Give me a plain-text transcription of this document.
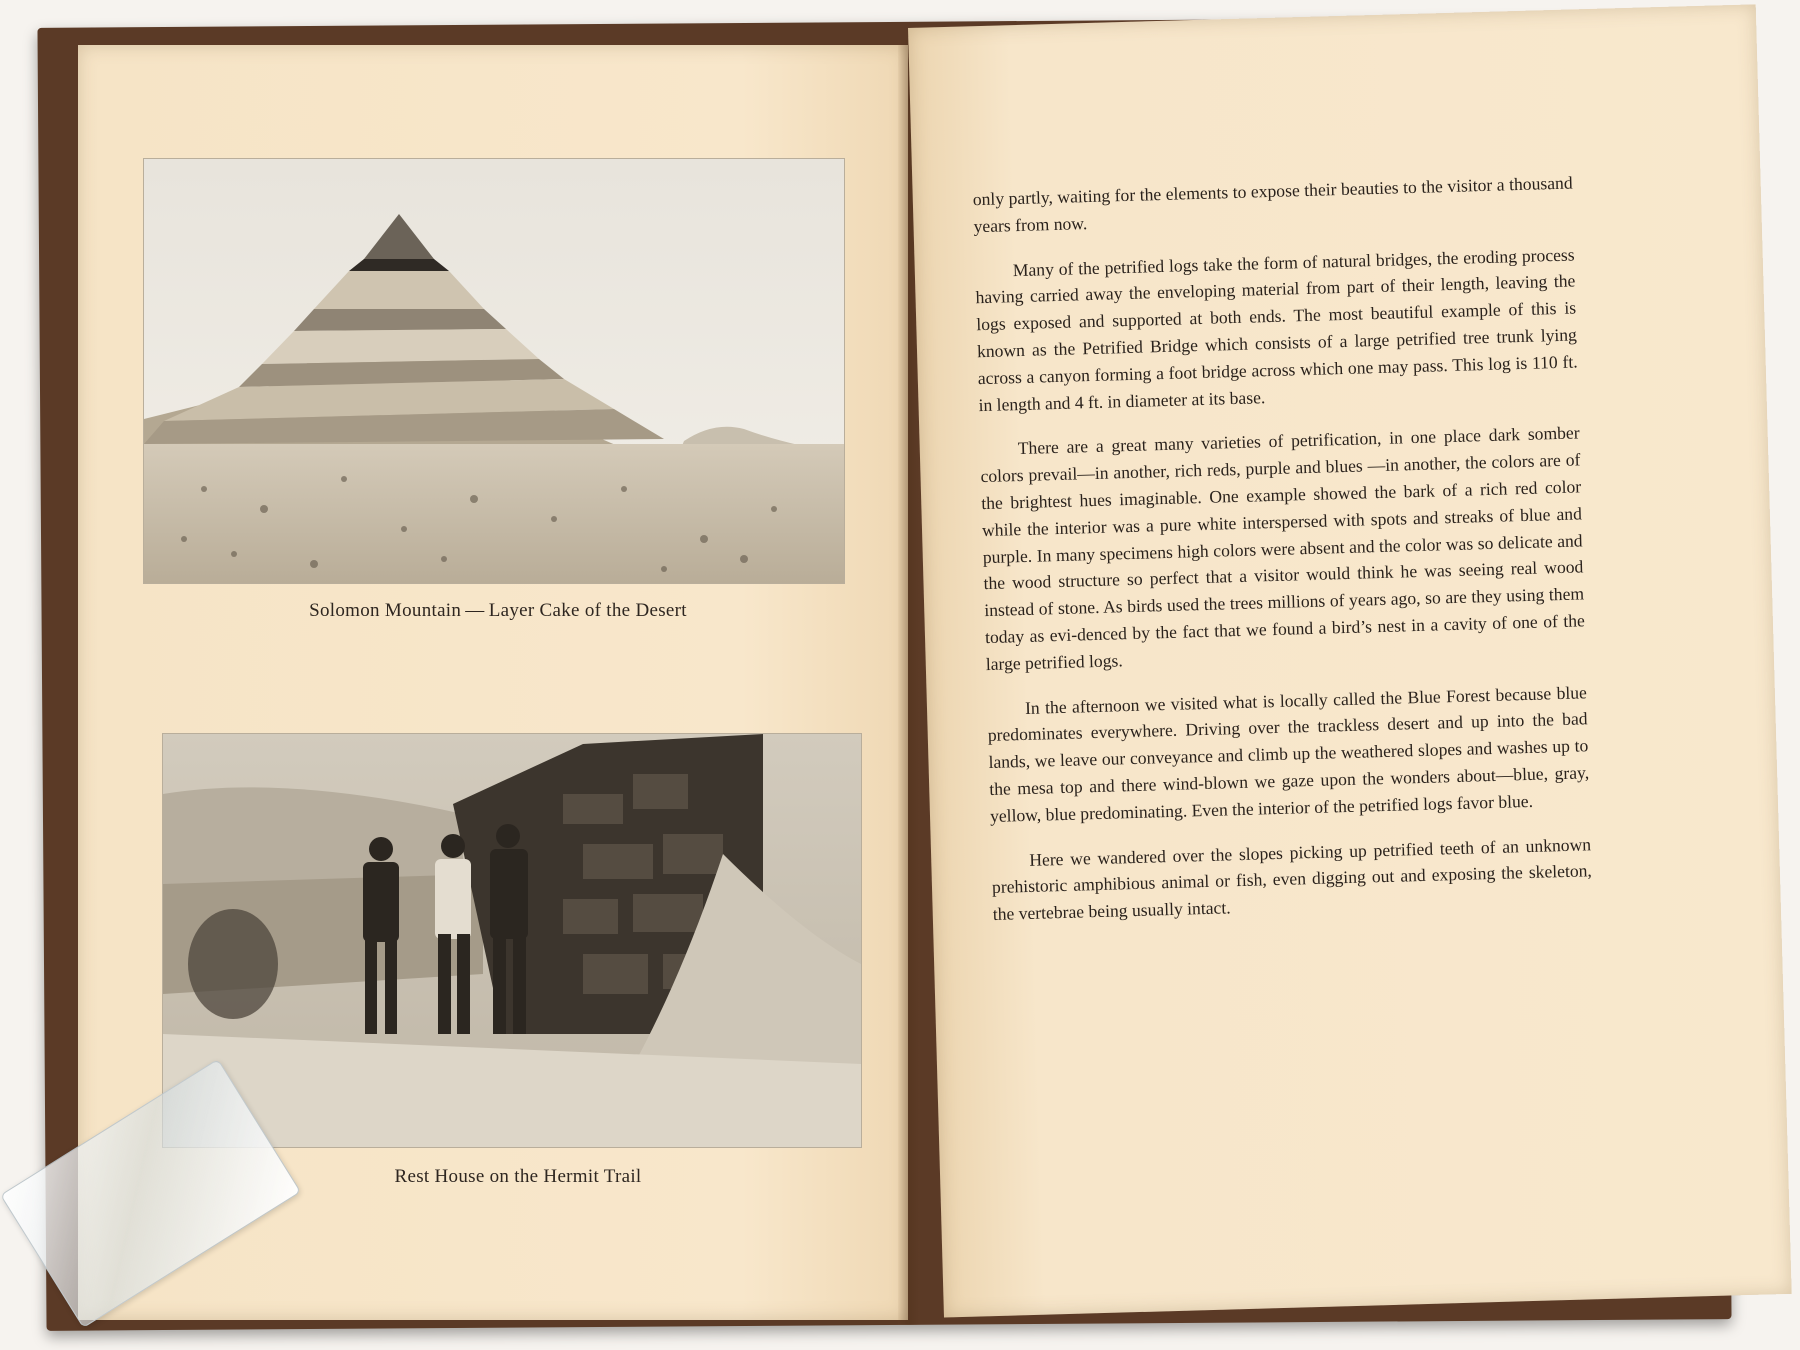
Solomon Mountain — Layer Cake of the Desert
Rest House on the Hermit Trail

only partly, waiting for the elements to expose their beauties to the visitor a thousand years from now.

Many of the petrified logs take the form of natural bridges, the eroding process having carried away the enveloping material from part of their length, leaving the logs exposed and supported at both ends. The most beautiful example of this is known as the Petrified Bridge which consists of a large petrified tree trunk lying across a canyon forming a foot bridge across which one may pass. This log is 110 ft. in length and 4 ft. in diameter at its base.

There are a great many varieties of petrification, in one place dark somber colors prevail—in another, rich reds, purple and blues —in another, the colors are of the brightest hues imaginable. One example showed the bark of a rich red color while the interior was a pure white interspersed with spots and streaks of blue and purple. In many specimens high colors were absent and the color was so delicate and the wood structure so perfect that a visitor would think he was seeing real wood instead of stone. As birds used the trees millions of years ago, so are they using them today as evi-denced by the fact that we found a bird’s nest in a cavity of one of the large petrified logs.

In the afternoon we visited what is locally called the Blue Forest because blue predominates everywhere. Driving over the trackless desert and up into the bad lands, we leave our conveyance and climb up the weathered slopes and washes up to the mesa top and there wind-blown we gaze upon the wonders about—blue, gray, yellow, blue predominating. Even the interior of the petrified logs favor blue.

Here we wandered over the slopes picking up petrified teeth of an unknown prehistoric amphibious animal or fish, even digging out and exposing the skeleton, the vertebrae being usually intact.
